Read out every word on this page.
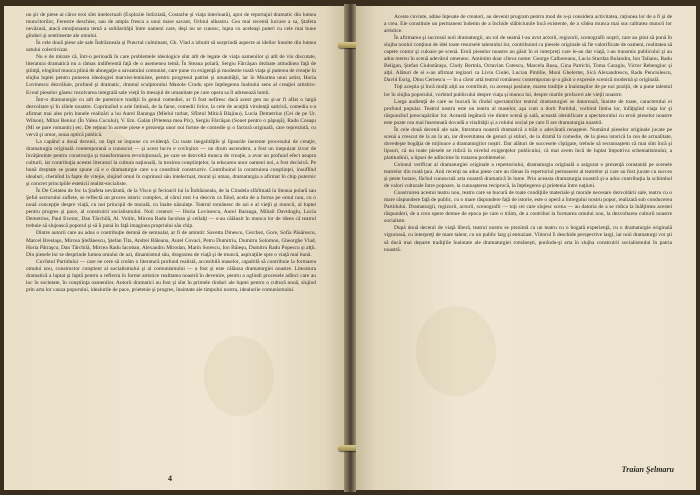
un şir de piese ai căror eroi sînt intelectuali (Explozie întîrziată, Costache şi viaţa interioară), apoi de reportajul dramatic din lumea muncitorilor, Ferestre deschise, sau de ampla fresca a unui mare savant, Ochiul albastru. Cea mai recentă lucrare a sa, Ştafeta nevăzută, atacă emoţionanta temă a solidarităţii între oameni care, deşi nu se cunosc, lupta cu aceleaşi puteri cu cele mai bune gînduri şi sentimente ale omului.

În cele două piese ale sale Îndrăzneala şi Punctul culminant, Gh. Vlad a izbutit să surprindă aspecte ai ideilor înnoite din lumea satului colectivizat.

Nu e de mirare că, într-o perioadă în care problemele ideologice sînt atît de legate de viaţa oamenilor şi atît de viu discutate, literatura dramatică nu a rămas indiferentă faţă de o asemenea temă. În Steaua polară, Sergiu Fărcăşan dezbate atitudinea faţă de ştiinţă, elogiind munca plină de abnegaţie a savantului comunist, care pune cu exigenţă şi modestie toată viaţa şi puterea de creaţie în slujba luptei pentru punerea ideologiei marxist-leniniste, pentru progresul patriei şi umanităţii, iar în Moartea unui artist, Horia Lovinescu dezvăluie, profund şi dramatic, drumul sculptorului Manole Crudu spre înţelegerea înaltului sens al creaţiei artistice. Ecoul pieselor găsesc rezolvarea integrală sale vieţii în mesajul de umanitate pe care opera sa îl adresează lumii.

Într-o dramaturgie cu atît de puternice tradiţii în genul comediei, ar fi fost nefiresc dacă acest gen nu şi-ar fi aflat o largă dezvoltare şi în zilele noastre. Cuprinzînd o arie întinsă, de la farse, comedii lirice, la cele de acuţită virulenţă satirică, comedia s-a afirmat mai ales prin bunele realizări a lui Aurel Baranga (Mielul turbat, Sfîntul Mitică Blajinu), Lucia Demetrius (Cei de pe Ur. Wilson), Mihai Beniuc (În Valea Cucului), V. Em. Galan (Prietena mea Pix), Sergiu Fărcăşan (Sonet pentru o păpuşă), Radu Cosaşu (Mi se pare romantic) etc. De reţinut în aceste piese e prezenţa unor noi forme de comedie şi o factură originală, care reprezintă, cu vervă şi umor, noua optică publică.

La capătul a două decenii, un fapt se impune cu evidenţă. Cu toate inegalităţile şi lipsurile inerente procesului de creaţie, dramaturgia originală contemporană a cunoscut — şi acest lucru e covîrşitor — un drum ascendent, a fost un inepuizat izvor de învăţăminte pentru construcţia şi transformarea revoluţionară, pe care se dezvoltă munca de creaţie, a avut un profund efect asupra culturii, iar contribuţia acestei literaturi la cultura naţională, la trezirea conştiinţelor, la educarea unor oameni noi, a fost decisivă. Pe bună dreptate se poate spune că e o dramaturgie care s-a constituit constructiv. Contribuind la construirea conştiinţei, insuflînd idealuri, chemînd la fapte de vitejie, slujind omul în cuprinsul său intelectual, moral şi uman, dramaturgia a afirmat în chip puternic şi concret principiile esteticii realist-socialiste.

În De Cetatea de foc la Ştafeta nevăzută, de la Viscu şi fecioarii lui la Îndrăzneala, de la Citadela sfărîmată la Steaua polară sau Şeful sectorului suflete, se reflectă un proces istoric complex, al cărui rost l-a descris ca fiind, acela de a forma pe omul nou, cu o nouă concepţie despre viaţă, cu noi principii de morală, cu înalte năzuinţe. Teatrul românesc de azi e al vieţii şi muncii, al luptei pentru progres şi pace, al construirii socialismului. Noii creatori — Horia Lovinescu, Aurel Baranga, Mihail Davidoglu, Lucia Demetrius, Paul Everac, Dan Tărchilă, Al. Voitin, Mircea Radu Iacoban şi ceilalţi — s-au călăuzit în munca lor de ideea că teatrul trebuie să slujească poporul şi să îi pună în faţă imaginea propriului său chip.

Dintre autorii care au adus o contribuţie demnă de semnalat, ar fi de amintit: Savetta Dinescu, Cerchez, Gore, Sofia Păsărescu, Marcel Breslaşu, Mircea Ştefănescu, Ştefan Tita, Andrei Băleanu, Aurel Covaci, Petru Dumitriu, Dumitru Solomon, Gheorghe Vlad, Horia Pătraşcu, Dan Tărchilă, Mircea Radu Iacoban, Alexandru Mirodan, Marin Sorescu, Ion Băieşu, Dumitru Radu Popescu şi alţii. Din piesele lor se desprinde lumea omului de azi, dinamismul său, dragostea de viaţă şi de muncă, aspiraţiile spre o viaţă mai bună.

Cuvîntul Partidului — care ne cere să creăm o literatură profund realistă, accesibilă maselor, capabilă să contribuie la formarea omului nou, constructor conştient al socialismului şi al comunismului — a fost şi este călăuza dramaturgiei noastre. Literatura dramatică a luptat şi luptă pentru a reflecta în forme artistice realitatea noastră în devenire, pentru a oglindi procesele adînci care au loc în societate, în conştiinţa oamenilor. Autorii dramatici au fost şi sînt în primele rînduri ale luptei pentru o cultură nouă, slujind prin arta lor cauza poporului, idealurile de pace, prietenie şi progres, înaintate ale timpului nostru, idealurile comunismului.

4

Aceste cuvinte, adine înţesate de creatori, au devenit program pentru mod de a-şi considera activitatea, rațiunea lor de a fi şi de a crea. Ele constituie un permanent îndemn de a închide slăbiciunile încă existente, de a vădea munca mai sus calitatea muncii lor artistice.

În afirmarea şi succesul noii dramaturgii, un rol de seamă l-au avut actorii, regizorii, scenografii noştri, care au ştiut să pună în slujba noului conţinut de idei toate resursele talentului lor, contribuind ca piesele originale să fie valorificate de oameni, realitatea să capete contur şi culoare pe scenă. Eroii pieselor noastre au găsit în ei interpreţi care le-au dat viaţă, i-au transmis publicului şi au adus mereu în scenă adevărul omenesc. Amintim doar cîteva nume: George Calboreanu, Lucia Sturdza Bulandra, Ion Talianu, Radu Beligan, Ştefan Ciubotăraşu, Clody Bertola, Octavian Cotescu, Marcela Rusu, Gina Patrichi, Toma Caragiu, Victor Rebengiuc şi alţii. Alături de ei s-au afirmat regizori ca Liviu Ciulei, Lucian Pintilie, Moni Ghelerter, Sică Alexandrescu, Radu Penciulescu, David Esrig, Dinu Cernescu — în a căror artă teatrul românesc contemporan şi-a găsit o expresie scenică modernă şi originală.

Toţi aceştia şi încă mulţi alţii au contribuit, cu aceeaşi pasiune, marea tradiţie a înaintaşilor de pe noi poziţii, de a pune talentul lor în slujba poporului, vorbind publicului despre viaţa şi munca lui, despre marile prefaceri ale vieţii noastre.

Larga audienţă de care se bucură în rîndul spectatorilor teatrul dramaturgiei se datorează, înainte de toate, caracterului ei profund popular. Teatrul nostru este un teatru al maselor, aşa cum a dorit Partidul, vorbind limba lor, înfăţişînd viaţa lor şi răspunzînd preocupărilor lor. Această legătură vie dintre scenă şi sală, această identificare a spectatorului cu eroii pieselor noastre este poate cea mai însemnată dovadă a vitalităţii şi a rolului social pe care îl are dramaturgia noastră.

În cele două decenii ale sale, literatura noastră dramatică a trăit o adevărată renaştere. Numărul pieselor originale jucate pe scenă a crescut de la an la an, iar diversitatea de genuri şi stiluri, de la dramă la comedie, de la piesa istorică la cea de actualitate, dovedeşte bogăţia de mijloace a dramaturgilor noştri. Dar alături de succesele cîştigate, trebuie să recunoaştem că mai sînt încă şi lipsuri, că nu toate piesele se ridică la nivelul exigenţelor publicului, că mai avem încă de luptat împotriva schematismului, a platitudinii, a lipsei de adîncime în tratarea problemelor.

Colonul verificat al dramaturgiei originale a repertoriului, dramaturgia originală a asigurat o prezenţă constantă pe scenele teatrelor din toată ţara. Anii recenţi au adus piese care au rămas în repertoriul permanent al teatrelor şi care au fost jucate cu succes şi peste hotare, făcînd cunoscută arta noastră dramatică în lume. Prin aceasta dramaturgia noastră şi-a adus contribuţia la schimbul de valori culturale între popoare, la cunoaşterea reciprocă, la înţelegerea şi prietenia între naţiuni.

Construirea acestui teatru nou, teatru care se bucură de toate condiţiile materiale şi morale necesare dezvoltării sale, teatru cu o mare răspundere faţă de public, cu o mare răspundere faţă de istorie, este o operă a întregului nostru popor, realizată sub conducerea Partidului. Dramaturgii, regizorii, actorii, scenografii — toţi cei care slujesc scena — au datoria de a se ridica la înălţimea acestei răspunderi, de a crea opere demne de epoca pe care o trăim, de a contribui la formarea omului nou, la dezvoltarea culturii noastre socialiste.

După două decenii de viaţă liberă, teatrul nostru se prezintă ca un teatru cu o bogată experienţă, cu o dramaturgie originală viguroasă, cu interpreţi de mare talent, cu un public larg şi entuziast. Viitorul îi deschide perspective largi, iar noii dramaturgi vor şti să ducă mai departe tradiţiile înaintate ale dramaturgiei româneşti, punîndu-şi arta în slujba construirii socialismului în patria noastră.

Traian Şelmaru
